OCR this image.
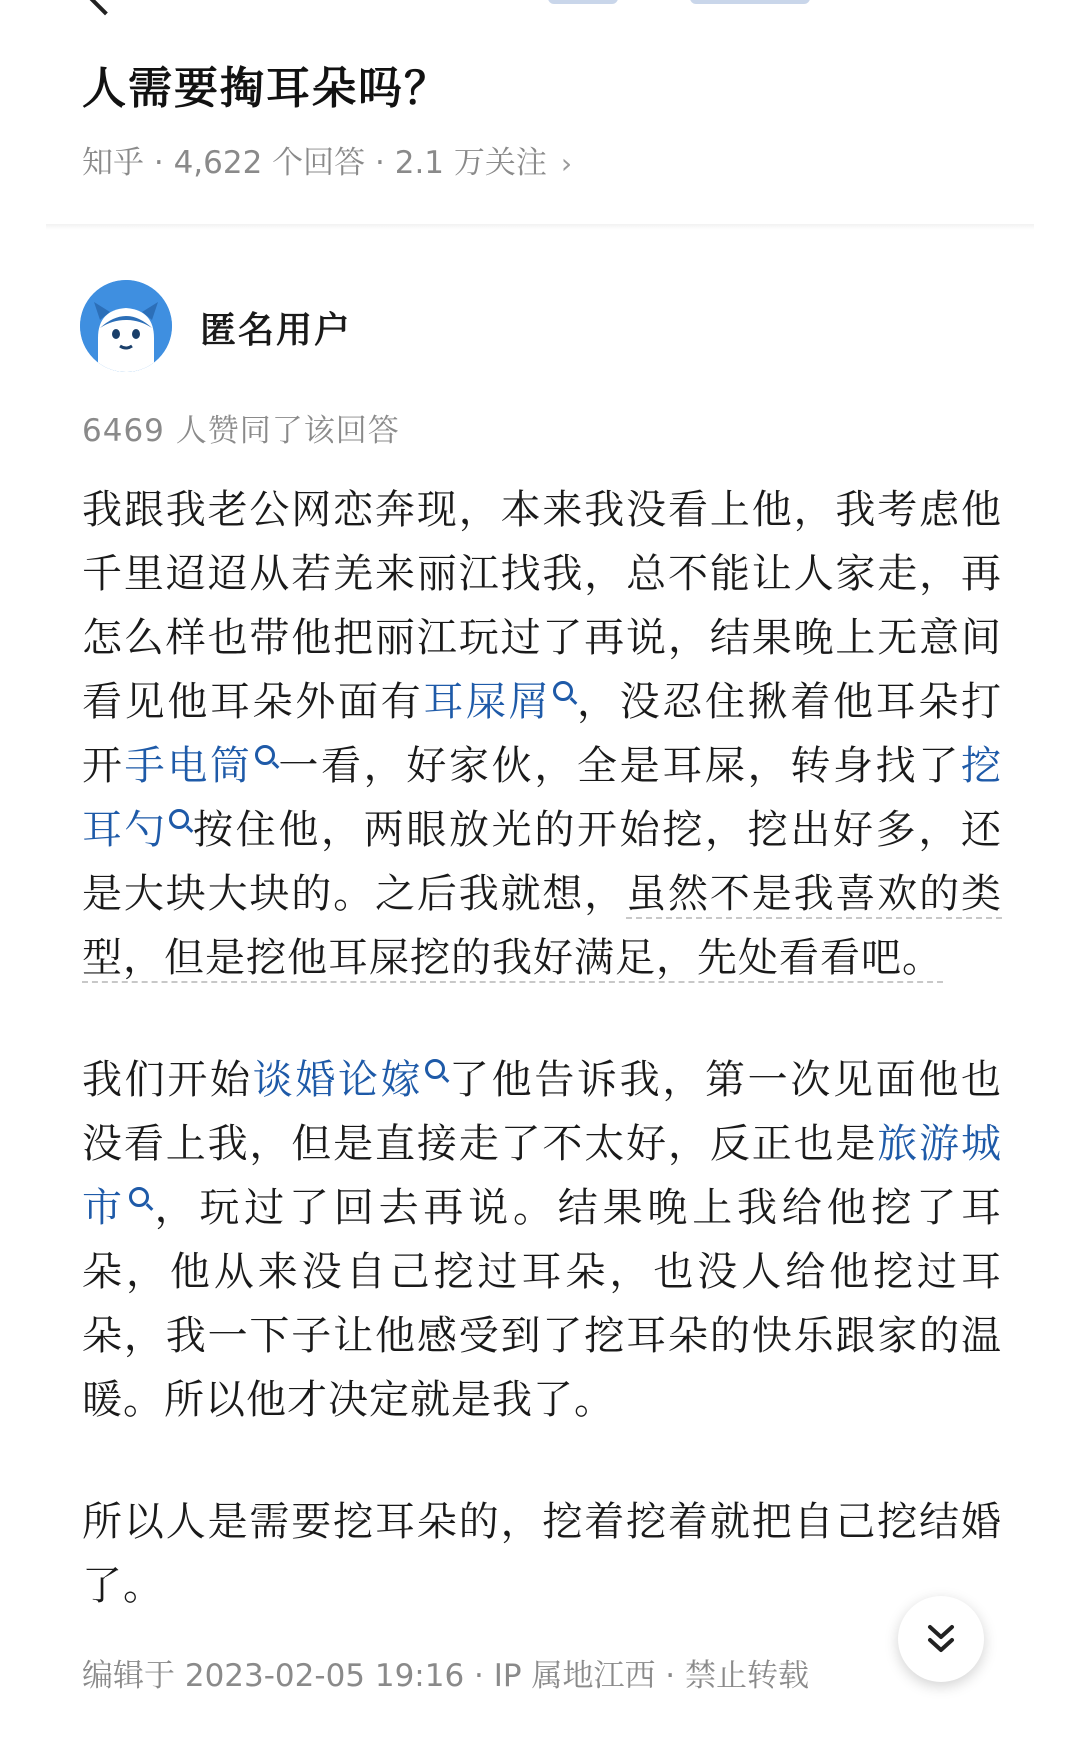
人需要掏耳朵吗？
知乎 · 4,622 个回答 · 2.1 万关注 ›
匿名用户
6469 人赞同了该回答

我跟我老公网恋奔现，本来我没看上他，我考虑他千里迢迢从若羌来丽江找我，总不能让人家走，再怎么样也带他把丽江玩过了再说，结果晚上无意间看见他耳朵外面有耳屎屑 ，没忍住揪着他耳朵打开手电筒 一看，好家伙，全是耳屎，转身找了挖耳勺 按住他，两眼放光的开始挖，挖出好多，还是大块大块的。之后我就想，虽然不是我喜欢的类型，但是挖他耳屎挖的我好满足，先处看看吧。

我们开始谈婚论嫁 了他告诉我，第一次见面他也没看上我，但是直接走了不太好，反正也是旅游城市 ，玩过了回去再说。结果晚上我给他挖了耳朵，他从来没自己挖过耳朵，也没人给他挖过耳朵，我一下子让他感受到了挖耳朵的快乐跟家的温暖。所以他才决定就是我了。

所以人是需要挖耳朵的，挖着挖着就把自己挖结婚了。

编辑于 2023-02-05 19:16 · IP 属地江西 · 禁止转载
